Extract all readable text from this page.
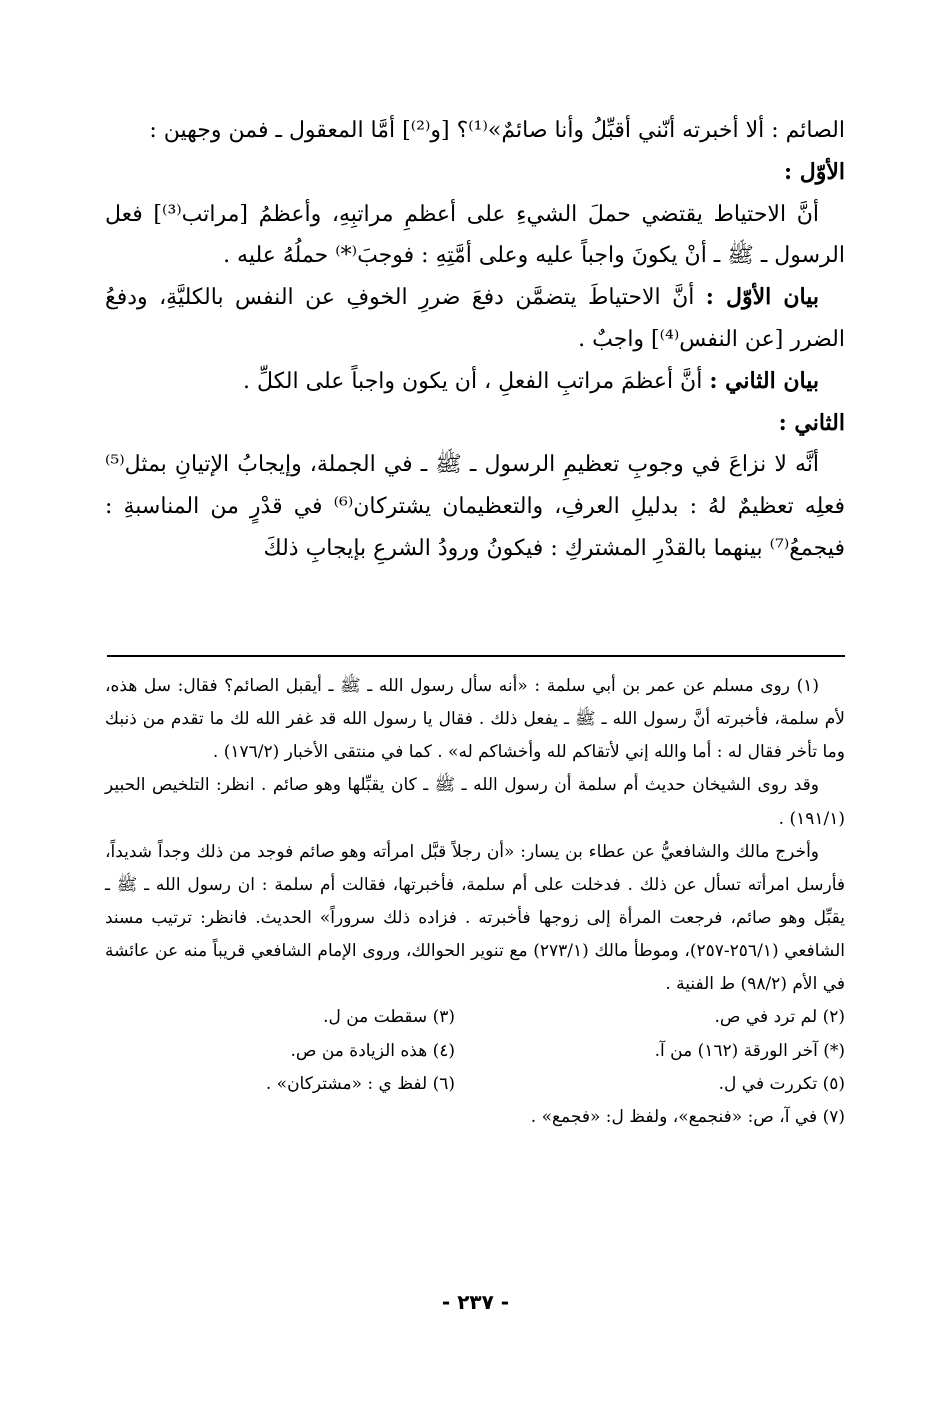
الصائم : ألا أخبرته أنّني أقبِّلُ وأنا صائمٌ»⁽¹⁾؟ [و⁽²⁾] أمَّا المعقول ـ فمن وجهين :

الأوّل :

أنَّ الاحتياط يقتضي حملَ الشيءِ على أعظمِ مراتبِهِ، وأعظمُ [مراتب⁽³⁾] فعل الرسول ـ ﷺ ـ أنْ يكونَ واجباً عليه وعلى أمَّتِهِ : فوجبَ⁽*⁾ حملُهُ عليه .

بيان الأوّل : أنَّ الاحتياطَ يتضمَّن دفعَ ضررِ الخوفِ عن النفس بالكليَّةِ، ودفعُ الضرر [عن النفس⁽⁴⁾] واجبٌ .

بيان الثاني : أنَّ أعظمَ مراتبِ الفعلِ ، أن يكون واجباً على الكلِّ .

الثاني :

أنَّه لا نزاعَ في وجوبِ تعظيمِ الرسول ـ ﷺ ـ في الجملة، وإيجابُ الإتيانِ بمثل⁽⁵⁾ فعلِه تعظيمٌ لهُ : بدليلِ العرفِ، والتعظيمان يشتركان⁽⁶⁾ في قدْرٍ من المناسبةِ : فيجمعُ⁽⁷⁾ بينهما بالقدْرِ المشتركِ : فيكونُ ورودُ الشرعِ بإيجابِ ذلكَ

(١) روى مسلم عن عمر بن أبي سلمة : «أنه سأل رسول الله ـ ﷺ ـ أيقبل الصائم؟ فقال: سل هذه، لأم سلمة، فأخبرته أنَّ رسول الله ـ ﷺ ـ يفعل ذلك . فقال يا رسول الله قد غفر الله لك ما تقدم من ذنبك وما تأخر فقال له : أما والله إني لأتقاكم لله وأخشاكم له» . كما في منتقى الأخبار (١٧٦/٢) .

وقد روى الشيخان حديث أم سلمة أن رسول الله ـ ﷺ ـ كان يقبِّلها وهو صائم . انظر: التلخيص الحبير (١٩١/١) .

وأخرج مالك والشافعيُّ عن عطاء بن يسار: «أن رجلاً قبَّل امرأته وهو صائم فوجد من ذلك وجداً شديداً، فأرسل امرأته تسأل عن ذلك . فدخلت على أم سلمة، فأخبرتها، فقالت أم سلمة : ان رسول الله ـ ﷺ ـ يقبِّل وهو صائم، فرجعت المرأة إلى زوجها فأخبرته . فزاده ذلك سروراً» الحديث. فانظر: ترتيب مسند الشافعي (٢٥٦/١-٢٥٧)، وموطأ مالك (٢٧٣/١) مع تنوير الحوالك، وروى الإمام الشافعي قريباً منه عن عائشة في الأم (٩٨/٢) ط الفنية .

(٢) لم ترد في ص.
(٣) سقطت من ل.
(*) آخر الورقة (١٦٢) من آ.
(٤) هذه الزيادة من ص.
(٥) تكررت في ل.
(٦) لفظ ي : «مشتركان» .

(٧) في آ، ص: «فنجمع»، ولفظ ل: «فجمع» .

- ٢٣٧ -
